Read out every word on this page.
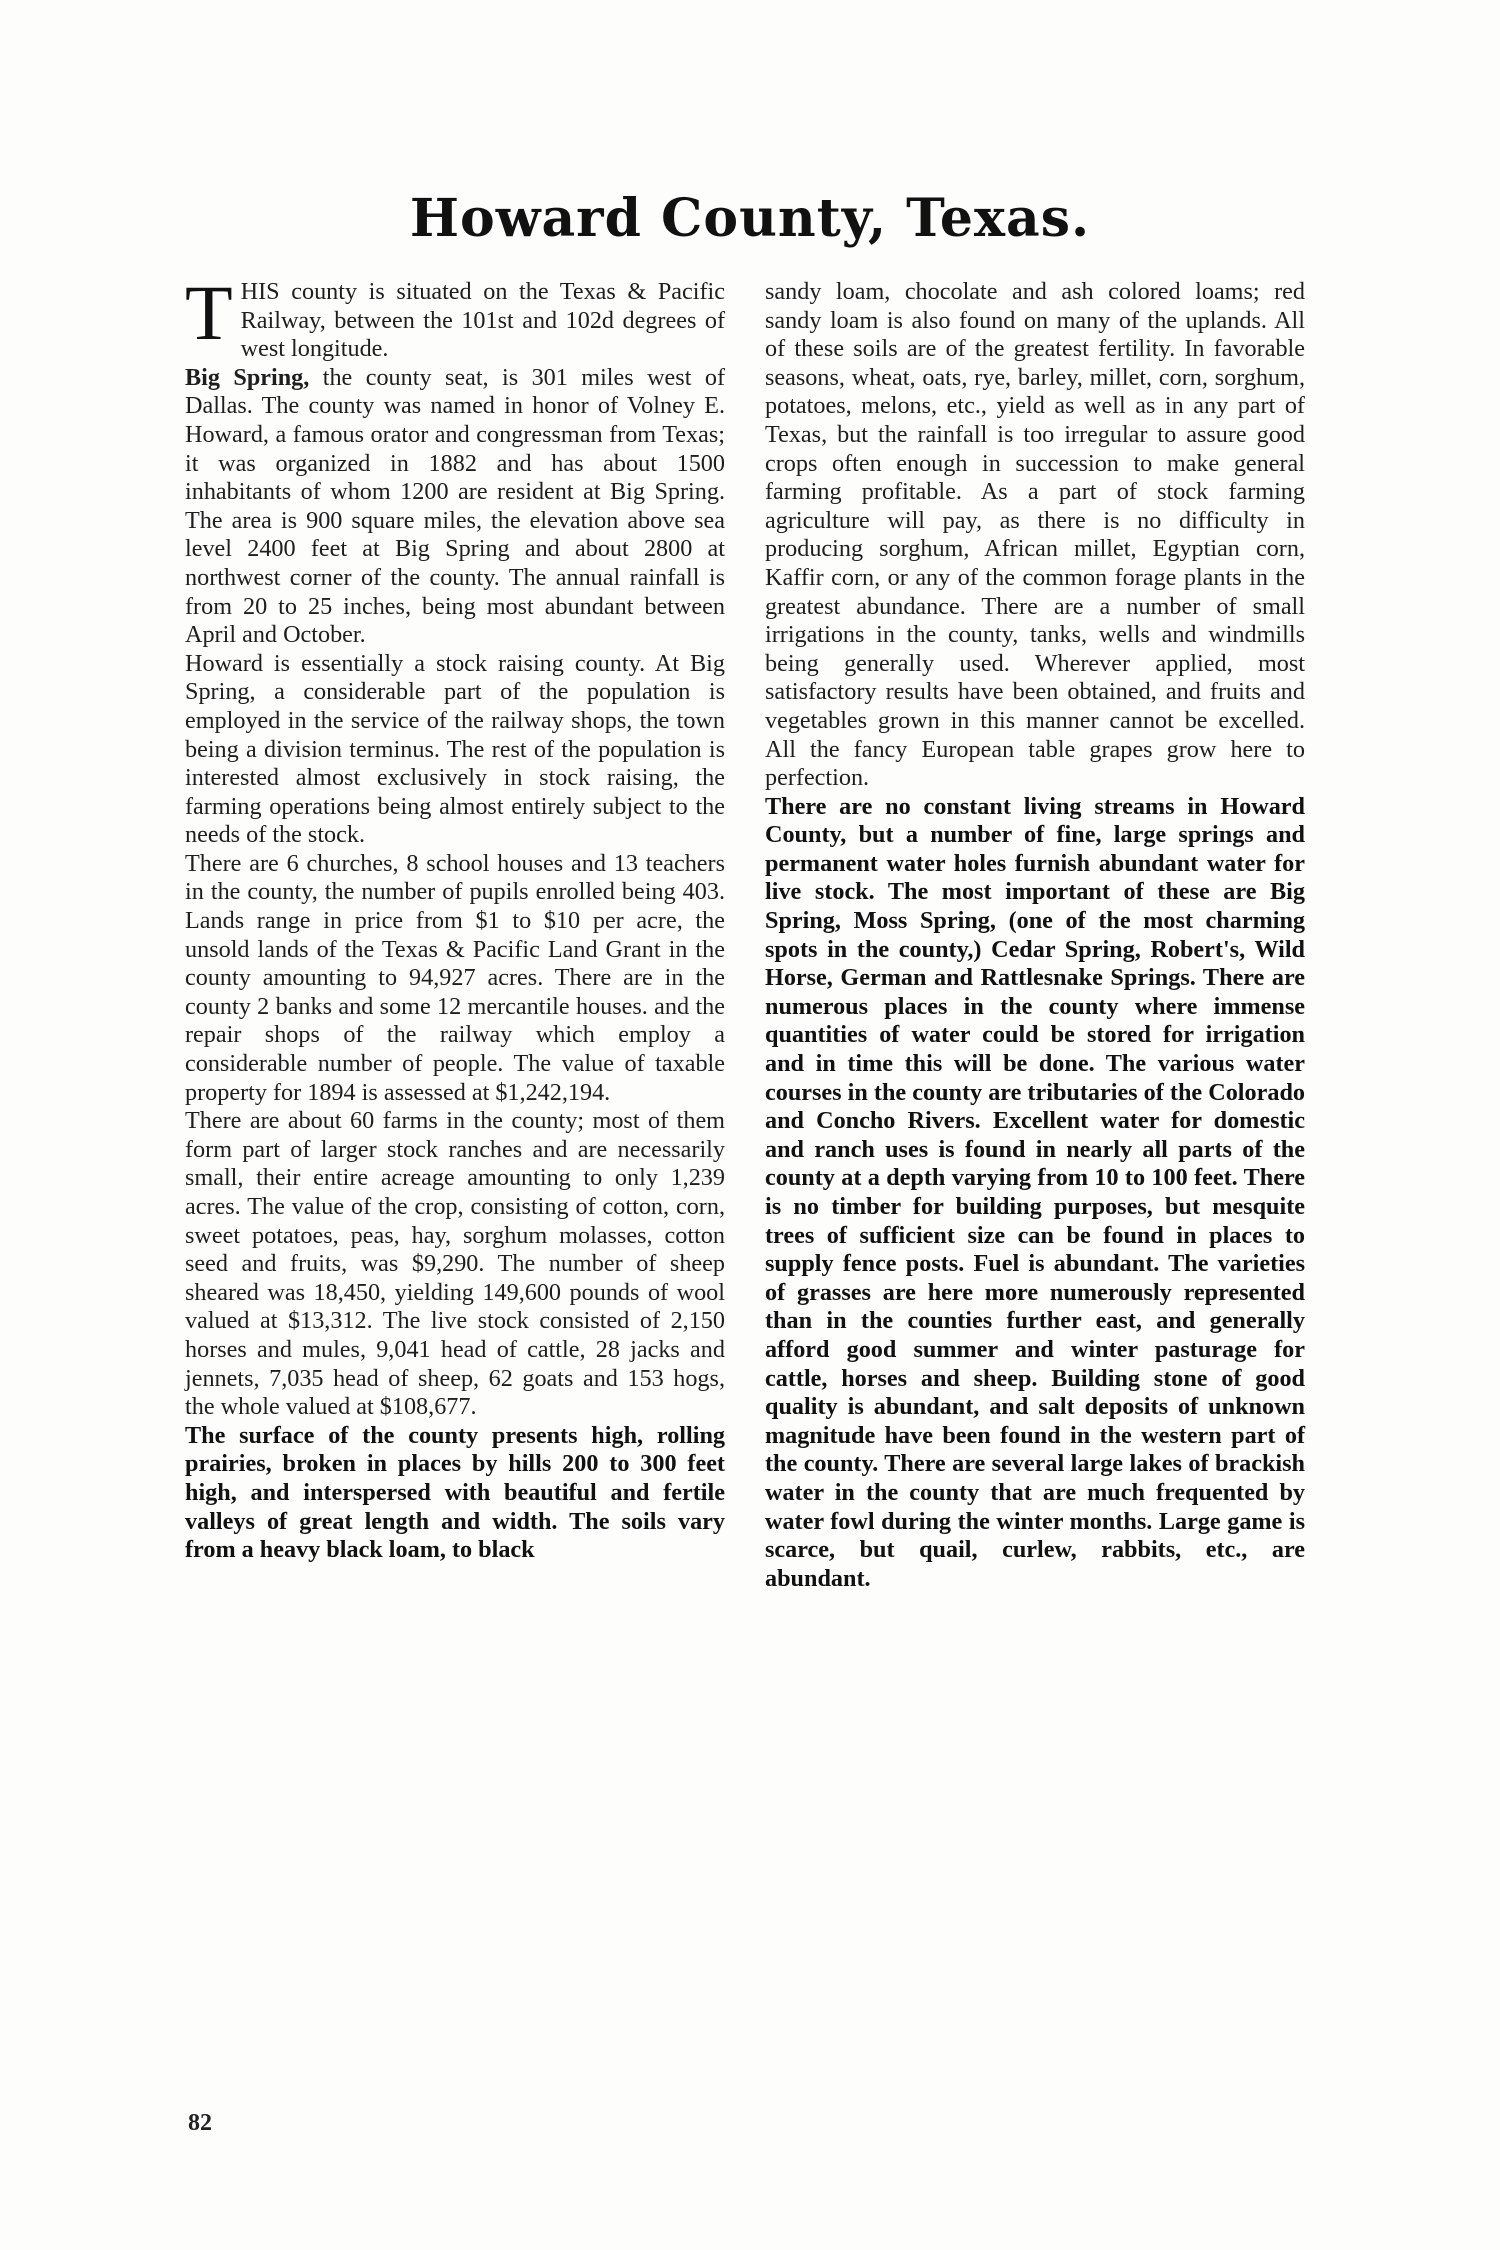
Howard County, Texas.

THIS county is situated on the Texas & Pacific Railway, between the 101st and 102d degrees of west longitude.

Big Spring, the county seat, is 301 miles west of Dallas. The county was named in honor of Volney E. Howard, a famous orator and congressman from Texas; it was organized in 1882 and has about 1500 inhabitants of whom 1200 are resident at Big Spring. The area is 900 square miles, the elevation above sea level 2400 feet at Big Spring and about 2800 at northwest corner of the county. The annual rainfall is from 20 to 25 inches, being most abundant between April and October.

Howard is essentially a stock raising county. At Big Spring, a considerable part of the population is employed in the service of the railway shops, the town being a division terminus. The rest of the population is interested almost exclusively in stock raising, the farming operations being almost entirely subject to the needs of the stock.

There are 6 churches, 8 school houses and 13 teachers in the county, the number of pupils enrolled being 403. Lands range in price from $1 to $10 per acre, the unsold lands of the Texas & Pacific Land Grant in the county amounting to 94,927 acres. There are in the county 2 banks and some 12 mercantile houses. and the repair shops of the railway which employ a considerable number of people. The value of taxable property for 1894 is assessed at $1,242,194.

There are about 60 farms in the county; most of them form part of larger stock ranches and are necessarily small, their entire acreage amounting to only 1,239 acres. The value of the crop, consisting of cotton, corn, sweet potatoes, peas, hay, sorghum molasses, cotton seed and fruits, was $9,290. The number of sheep sheared was 18,450, yielding 149,600 pounds of wool valued at $13,312. The live stock consisted of 2,150 horses and mules, 9,041 head of cattle, 28 jacks and jennets, 7,035 head of sheep, 62 goats and 153 hogs, the whole valued at $108,677.

The surface of the county presents high, rolling prairies, broken in places by hills 200 to 300 feet high, and interspersed with beautiful and fertile valleys of great length and width. The soils vary from a heavy black loam, to black

sandy loam, chocolate and ash colored loams; red sandy loam is also found on many of the uplands. All of these soils are of the greatest fertility. In favorable seasons, wheat, oats, rye, barley, millet, corn, sorghum, potatoes, melons, etc., yield as well as in any part of Texas, but the rainfall is too irregular to assure good crops often enough in succession to make general farming profitable. As a part of stock farming agriculture will pay, as there is no difficulty in producing sorghum, African millet, Egyptian corn, Kaffir corn, or any of the common forage plants in the greatest abundance. There are a number of small irrigations in the county, tanks, wells and windmills being generally used. Wherever applied, most satisfactory results have been obtained, and fruits and vegetables grown in this manner cannot be excelled. All the fancy European table grapes grow here to perfection.

There are no constant living streams in Howard County, but a number of fine, large springs and permanent water holes furnish abundant water for live stock. The most important of these are Big Spring, Moss Spring, (one of the most charming spots in the county,) Cedar Spring, Robert's, Wild Horse, German and Rattlesnake Springs. There are numerous places in the county where immense quantities of water could be stored for irrigation and in time this will be done. The various water courses in the county are tributaries of the Colorado and Concho Rivers. Excellent water for domestic and ranch uses is found in nearly all parts of the county at a depth varying from 10 to 100 feet. There is no timber for building purposes, but mesquite trees of sufficient size can be found in places to supply fence posts. Fuel is abundant. The varieties of grasses are here more numerously represented than in the counties further east, and generally afford good summer and winter pasturage for cattle, horses and sheep. Building stone of good quality is abundant, and salt deposits of unknown magnitude have been found in the western part of the county. There are several large lakes of brackish water in the county that are much frequented by water fowl during the winter months. Large game is scarce, but quail, curlew, rabbits, etc., are abundant.

82
